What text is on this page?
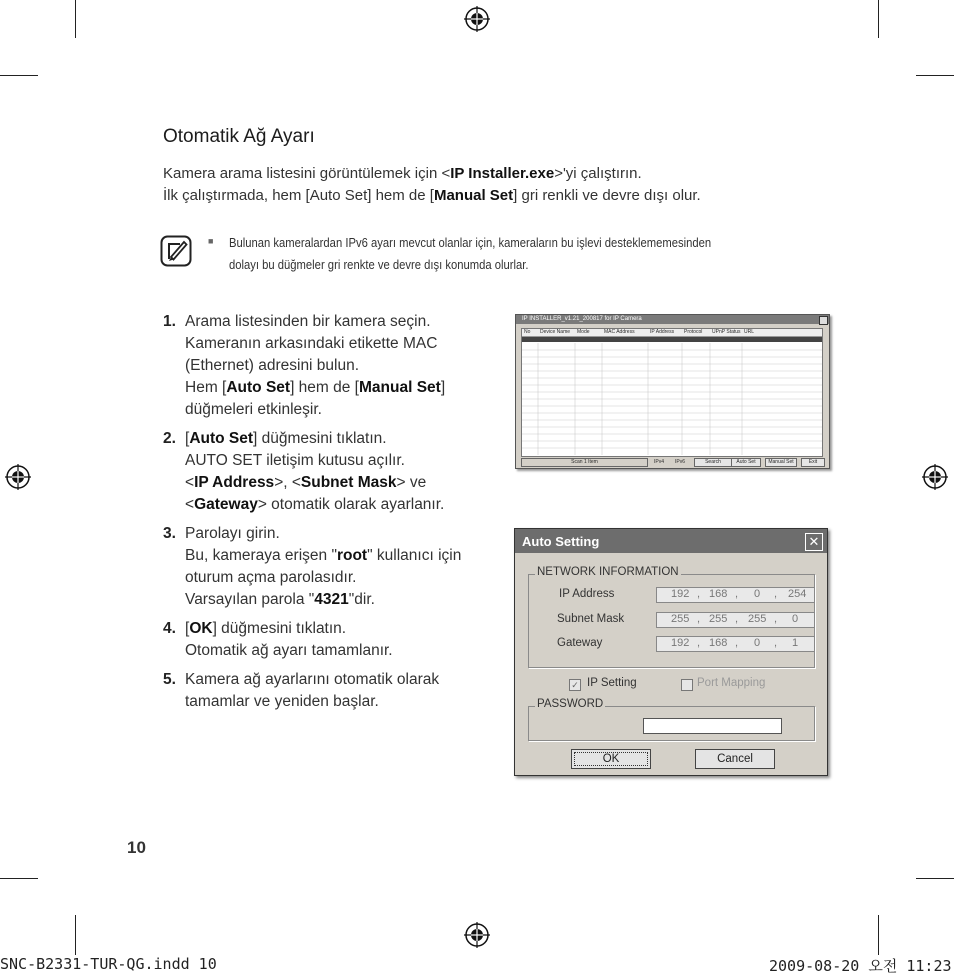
Otomatik Ağ Ayarı
Kamera arama listesini görüntülemek için <IP Installer.exe>'yi çalıştırın.
İlk çalıştırmada, hem [Auto Set] hem de [Manual Set] gri renkli ve devre dışı olur.
■ Bulunan kameralardan IPv6 ayarı mevcut olanlar için, kameraların bu işlevi desteklememesinden
dolayı bu düğmeler gri renkte ve devre dışı konumda olurlar.
1. Arama listesinden bir kamera seçin.
Kameranın arkasındaki etikette MAC
(Ethernet) adresini bulun.
Hem [Auto Set] hem de [Manual Set]
düğmeleri etkinleşir.
2. [Auto Set] düğmesini tıklatın.
AUTO SET iletişim kutusu açılır.
<IP Address>, <Subnet Mask> ve
<Gateway> otomatik olarak ayarlanır.
3. Parolayı girin.
Bu, kameraya erişen "root" kullanıcı için
oturum açma parolasıdır.
Varsayılan parola "4321"dir.
4. [OK] düğmesini tıklatın.
Otomatik ağ ayarı tamamlanır.
5. Kamera ağ ayarlarını otomatik olarak
tamamlar ve yeniden başlar.
IP INSTALLER_v1.21_200817 for IP Camera
No Device Name Mode	MAC Address	IP Address Protocol UPnP Status URL
Scan 1 Item	IPv4 IPv6	Search	Auto Set	Manual Set	Exit
Auto Setting	✕
NETWORK INFORMATION
IP Address	192 , 168 , 0 , 254
Subnet Mask	255 , 255 , 255 , 0
Gateway	192 , 168 , 0 , 1
✓ IP Setting	Port Mapping
PASSWORD
OK	Cancel
10
SNC-B2331-TUR-QG.indd 10	2009-08-20 오전 11:23
